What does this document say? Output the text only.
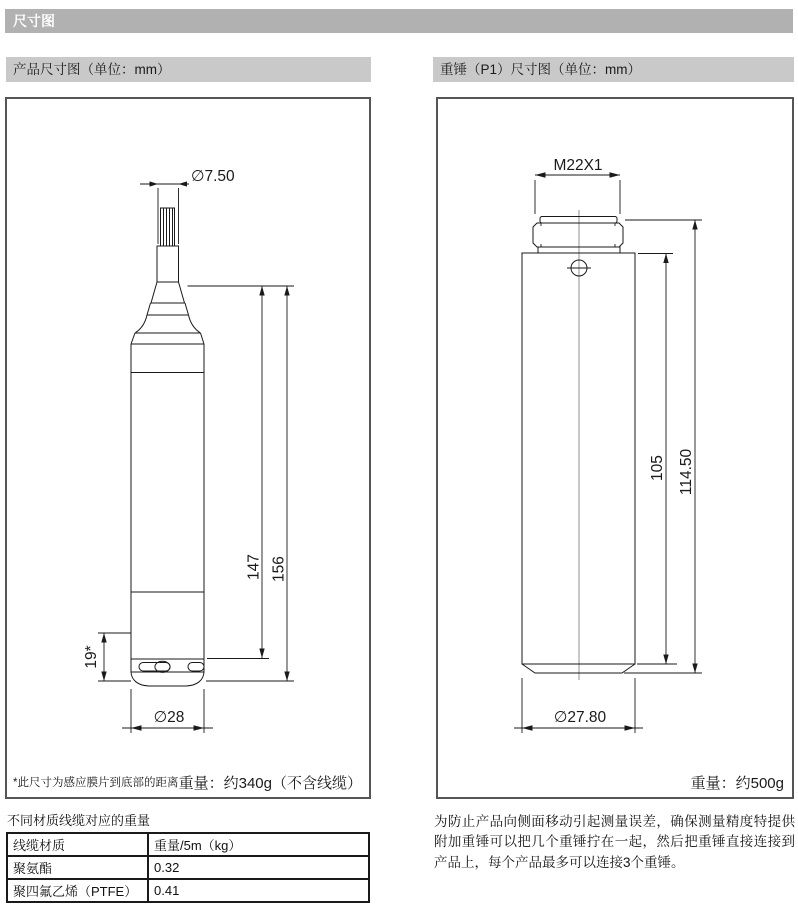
尺寸图
产品尺寸图（单位：mm）	重锤（P1）尺寸图（单位：mm）
∅7.50
147 156
19*
∅28
*此尺寸为感应膜片到底部的距离 重量：约340g（不含线缆）
M22X1
105 114.50
∅27.80
重量：约500g
不同材质线缆对应的重量
线缆材质	重量/5m（kg）
聚氨酯	0.32
聚四氟乙烯（PTFE）	0.41
为防止产品向侧面移动引起测量误差，确保测量精度特提供附加重锤可以把几个重锤拧在一起，然后把重锤直接连接到产品上，每个产品最多可以连接3个重锤。
